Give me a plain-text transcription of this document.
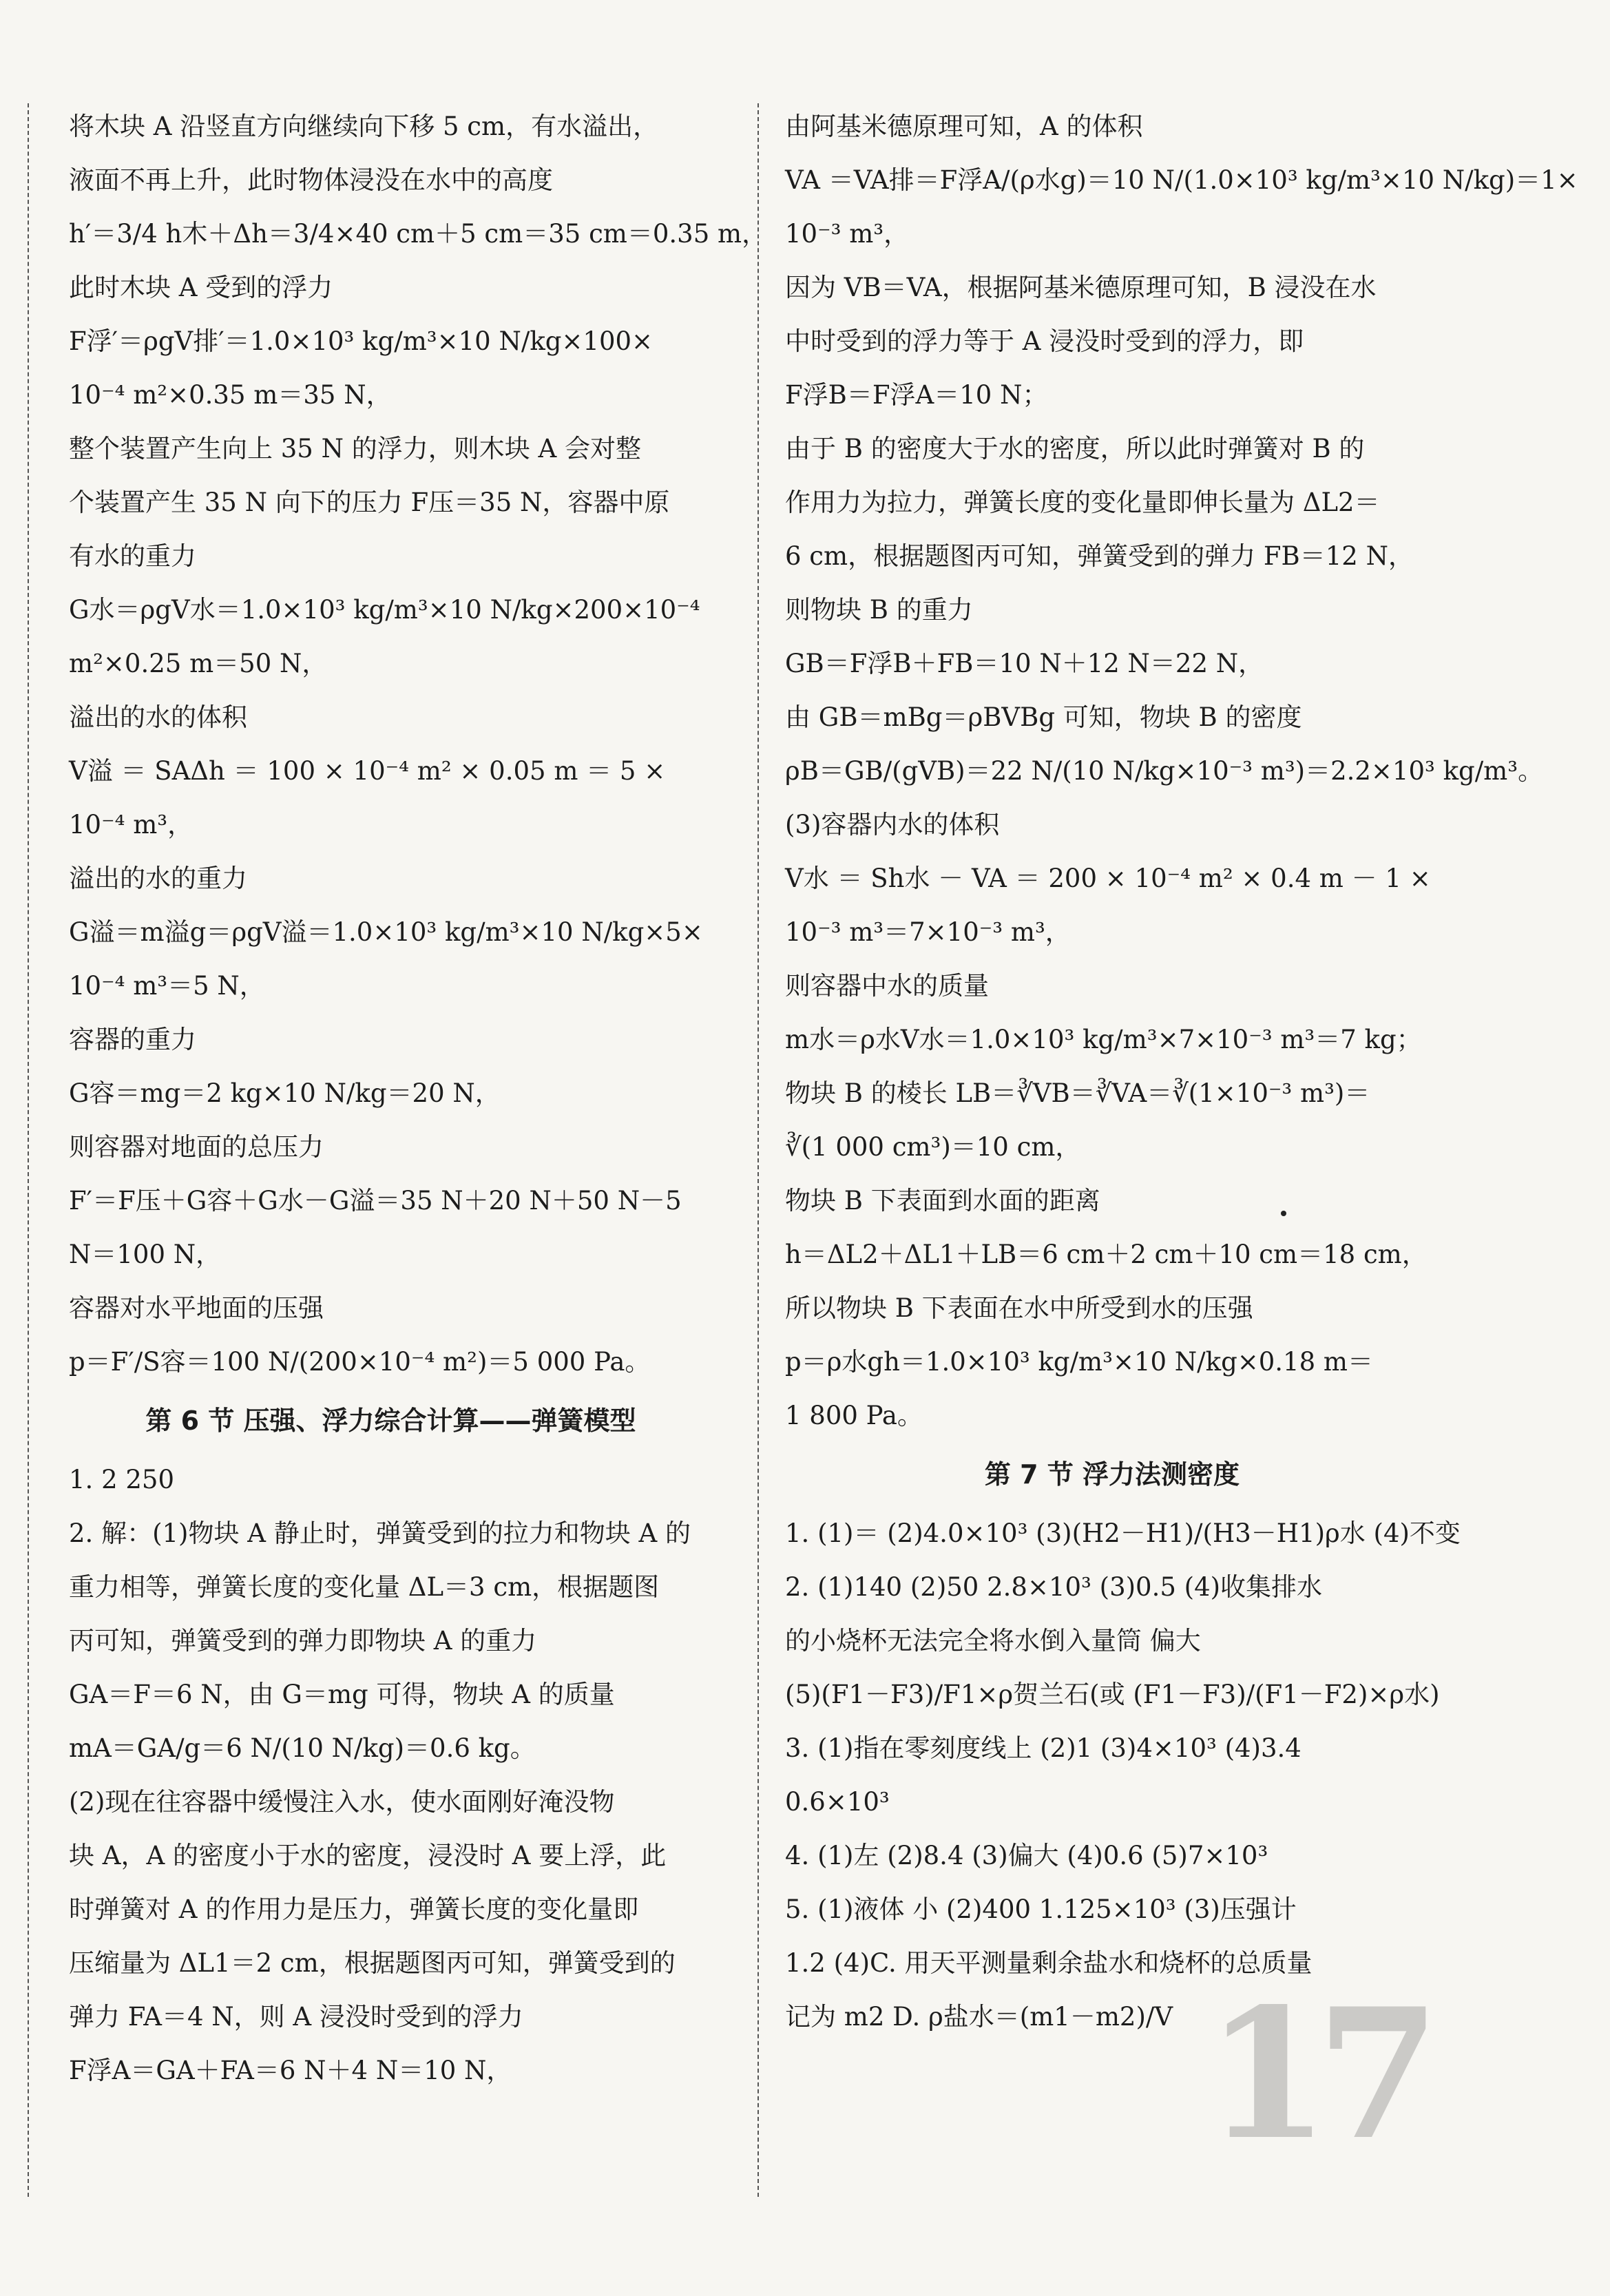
将木块 A 沿竖直方向继续向下移 5 cm，有水溢出，
液面不再上升，此时物体浸没在水中的高度
h′＝3/4 h木＋Δh＝3/4×40 cm＋5 cm＝35 cm＝0.35 m，
此时木块 A 受到的浮力
F浮′＝ρgV排′＝1.0×10³ kg/m³×10 N/kg×100×
10⁻⁴ m²×0.35 m＝35 N，
整个装置产生向上 35 N 的浮力，则木块 A 会对整
个装置产生 35 N 向下的压力 F压＝35 N，容器中原
有水的重力
G水＝ρgV水＝1.0×10³ kg/m³×10 N/kg×200×10⁻⁴
m²×0.25 m＝50 N，
溢出的水的体积
V溢 ＝ SAΔh ＝ 100 × 10⁻⁴ m² × 0.05 m ＝ 5 ×
10⁻⁴ m³，
溢出的水的重力
G溢＝m溢g＝ρgV溢＝1.0×10³ kg/m³×10 N/kg×5×
10⁻⁴ m³＝5 N，
容器的重力
G容＝mg＝2 kg×10 N/kg＝20 N，
则容器对地面的总压力
F′＝F压＋G容＋G水－G溢＝35 N＋20 N＋50 N－5
N＝100 N，
容器对水平地面的压强
p＝F′/S容＝100 N/(200×10⁻⁴ m²)＝5 000 Pa。
第 6 节 压强、浮力综合计算——弹簧模型
1. 2 250
2. 解：(1)物块 A 静止时，弹簧受到的拉力和物块 A 的
重力相等，弹簧长度的变化量 ΔL＝3 cm，根据题图
丙可知，弹簧受到的弹力即物块 A 的重力
GA＝F＝6 N，由 G＝mg 可得，物块 A 的质量
mA＝GA/g＝6 N/(10 N/kg)＝0.6 kg。
(2)现在往容器中缓慢注入水，使水面刚好淹没物
块 A，A 的密度小于水的密度，浸没时 A 要上浮，此
时弹簧对 A 的作用力是压力，弹簧长度的变化量即
压缩量为 ΔL1＝2 cm，根据题图丙可知，弹簧受到的
弹力 FA＝4 N，则 A 浸没时受到的浮力
F浮A＝GA＋FA＝6 N＋4 N＝10 N，
由阿基米德原理可知，A 的体积
VA ＝VA排＝F浮A/(ρ水g)＝10 N/(1.0×10³ kg/m³×10 N/kg)＝1×
10⁻³ m³，
因为 VB＝VA，根据阿基米德原理可知，B 浸没在水
中时受到的浮力等于 A 浸没时受到的浮力，即
F浮B＝F浮A＝10 N；
由于 B 的密度大于水的密度，所以此时弹簧对 B 的
作用力为拉力，弹簧长度的变化量即伸长量为 ΔL2＝
6 cm，根据题图丙可知，弹簧受到的弹力 FB＝12 N，
则物块 B 的重力
GB＝F浮B＋FB＝10 N＋12 N＝22 N，
由 GB＝mBg＝ρBVBg 可知，物块 B 的密度
ρB＝GB/(gVB)＝22 N/(10 N/kg×10⁻³ m³)＝2.2×10³ kg/m³。
(3)容器内水的体积
V水 ＝ Sh水 － VA ＝ 200 × 10⁻⁴ m² × 0.4 m － 1 ×
10⁻³ m³＝7×10⁻³ m³，
则容器中水的质量
m水＝ρ水V水＝1.0×10³ kg/m³×7×10⁻³ m³＝7 kg；
物块 B 的棱长 LB＝∛VB＝∛VA＝∛(1×10⁻³ m³)＝
∛(1 000 cm³)＝10 cm，
物块 B 下表面到水面的距离
h＝ΔL2＋ΔL1＋LB＝6 cm＋2 cm＋10 cm＝18 cm，
所以物块 B 下表面在水中所受到水的压强
p＝ρ水gh＝1.0×10³ kg/m³×10 N/kg×0.18 m＝
1 800 Pa。
第 7 节 浮力法测密度
1. (1)＝ (2)4.0×10³ (3)(H2－H1)/(H3－H1)ρ水 (4)不变
2. (1)140 (2)50 2.8×10³ (3)0.5 (4)收集排水
的小烧杯无法完全将水倒入量筒 偏大
(5)(F1－F3)/F1×ρ贺兰石(或 (F1－F3)/(F1－F2)×ρ水)
3. (1)指在零刻度线上 (2)1 (3)4×10³ (4)3.4
0.6×10³
4. (1)左 (2)8.4 (3)偏大 (4)0.6 (5)7×10³
5. (1)液体 小 (2)400 1.125×10³ (3)压强计
1.2 (4)C. 用天平测量剩余盐水和烧杯的总质量
记为 m2 D. ρ盐水＝(m1－m2)/V 17
